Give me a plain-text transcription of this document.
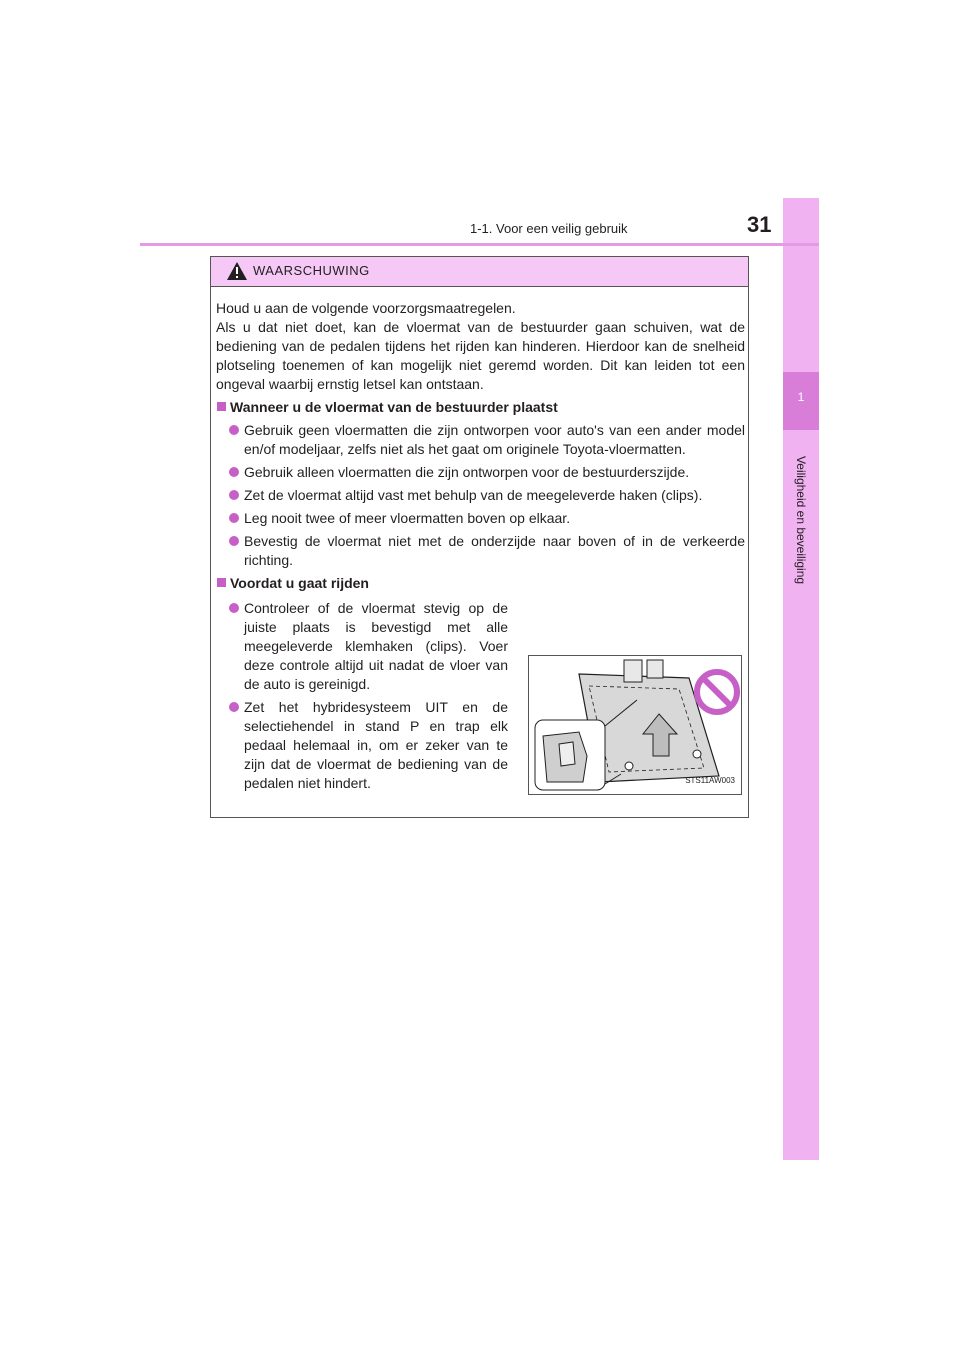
1
Veiligheid en beveiliging
1-1. Voor een veilig gebruik	31
WAARSCHUWING

Houd u aan de volgende voorzorgsmaatregelen.
Als u dat niet doet, kan de vloermat van de bestuurder gaan schuiven, wat de bediening van de pedalen tijdens het rijden kan hinderen. Hierdoor kan de snelheid plotseling toenemen of kan mogelijk niet geremd worden. Dit kan leiden tot een ongeval waarbij ernstig letsel kan ontstaan.

Wanneer u de vloermat van de bestuurder plaatst
Gebruik geen vloermatten die zijn ontworpen voor auto's van een ander model en/of modeljaar, zelfs niet als het gaat om originele Toyota-vloermatten.
Gebruik alleen vloermatten die zijn ontworpen voor de bestuurderszijde.
Zet de vloermat altijd vast met behulp van de meegeleverde haken (clips).
Leg nooit twee of meer vloermatten boven op elkaar.
Bevestig de vloermat niet met de onderzijde naar boven of in de verkeerde richting.
Voordat u gaat rijden
Controleer of de vloermat stevig op de juiste plaats is bevestigd met alle meegeleverde klemhaken (clips). Voer deze controle altijd uit nadat de vloer van de auto is gereinigd.
Zet het hybridesysteem UIT en de selectiehendel in stand P en trap elk pedaal helemaal in, om er zeker van te zijn dat de vloermat de bediening van de pedalen niet hindert.	STS11AW003
